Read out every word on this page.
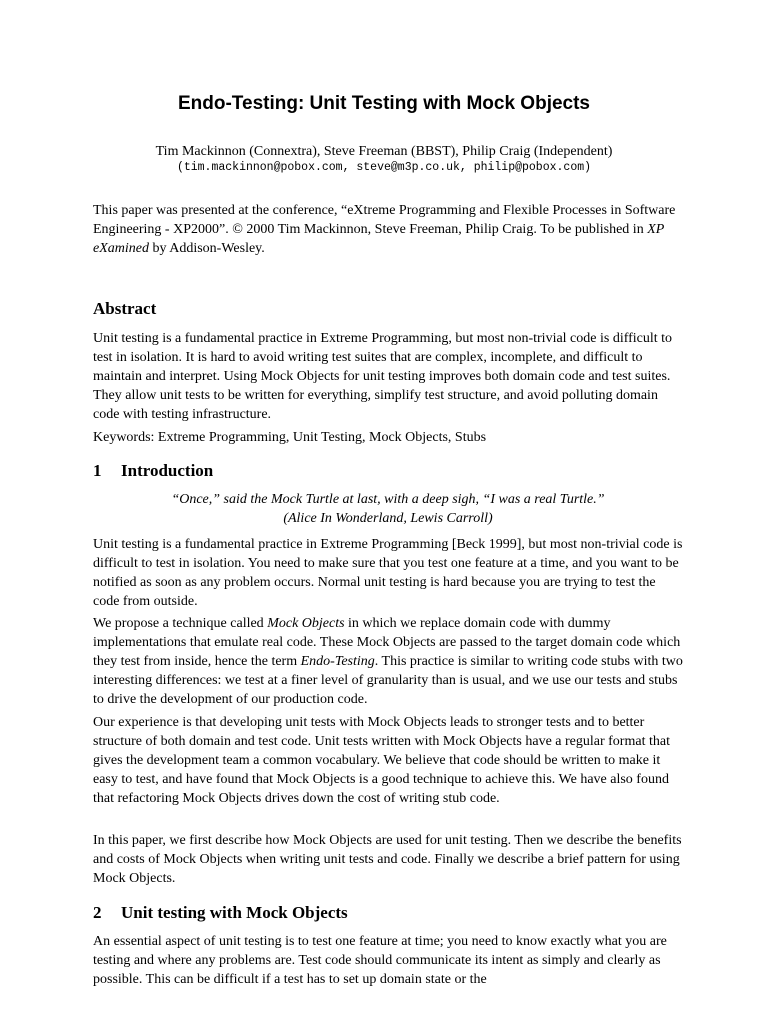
Endo-Testing: Unit Testing with Mock Objects

Tim Mackinnon (Connextra), Steve Freeman (BBST), Philip Craig (Independent)

(tim.mackinnon@pobox.com, steve@m3p.co.uk, philip@pobox.com)

This paper was presented at the conference, “eXtreme Programming and Flexible Processes in Software Engineering - XP2000”. © 2000 Tim Mackinnon, Steve Freeman, Philip Craig. To be published in XP eXamined by Addison-Wesley.

Abstract

Unit testing is a fundamental practice in Extreme Programming, but most non-trivial code is difficult to test in isolation. It is hard to avoid writing test suites that are complex, incomplete, and difficult to maintain and interpret. Using Mock Objects for unit testing improves both domain code and test suites. They allow unit tests to be written for everything, simplify test structure, and avoid polluting domain code with testing infrastructure.

Keywords: Extreme Programming, Unit Testing, Mock Objects, Stubs

1 Introduction

“Once,” said the Mock Turtle at last, with a deep sigh, “I was a real Turtle.”

(Alice In Wonderland, Lewis Carroll)

Unit testing is a fundamental practice in Extreme Programming [Beck 1999], but most non-trivial code is difficult to test in isolation. You need to make sure that you test one feature at a time, and you want to be notified as soon as any problem occurs. Normal unit testing is hard because you are trying to test the code from outside.

We propose a technique called Mock Objects in which we replace domain code with dummy implementations that emulate real code. These Mock Objects are passed to the target domain code which they test from inside, hence the term Endo-Testing. This practice is similar to writing code stubs with two interesting differences: we test at a finer level of granularity than is usual, and we use our tests and stubs to drive the development of our production code.

Our experience is that developing unit tests with Mock Objects leads to stronger tests and to better structure of both domain and test code. Unit tests written with Mock Objects have a regular format that gives the development team a common vocabulary. We believe that code should be written to make it easy to test, and have found that Mock Objects is a good technique to achieve this. We have also found that refactoring Mock Objects drives down the cost of writing stub code.

In this paper, we first describe how Mock Objects are used for unit testing. Then we describe the benefits and costs of Mock Objects when writing unit tests and code. Finally we describe a brief pattern for using Mock Objects.

2 Unit testing with Mock Objects

An essential aspect of unit testing is to test one feature at time; you need to know exactly what you are testing and where any problems are. Test code should communicate its intent as simply and clearly as possible. This can be difficult if a test has to set up domain state or the
